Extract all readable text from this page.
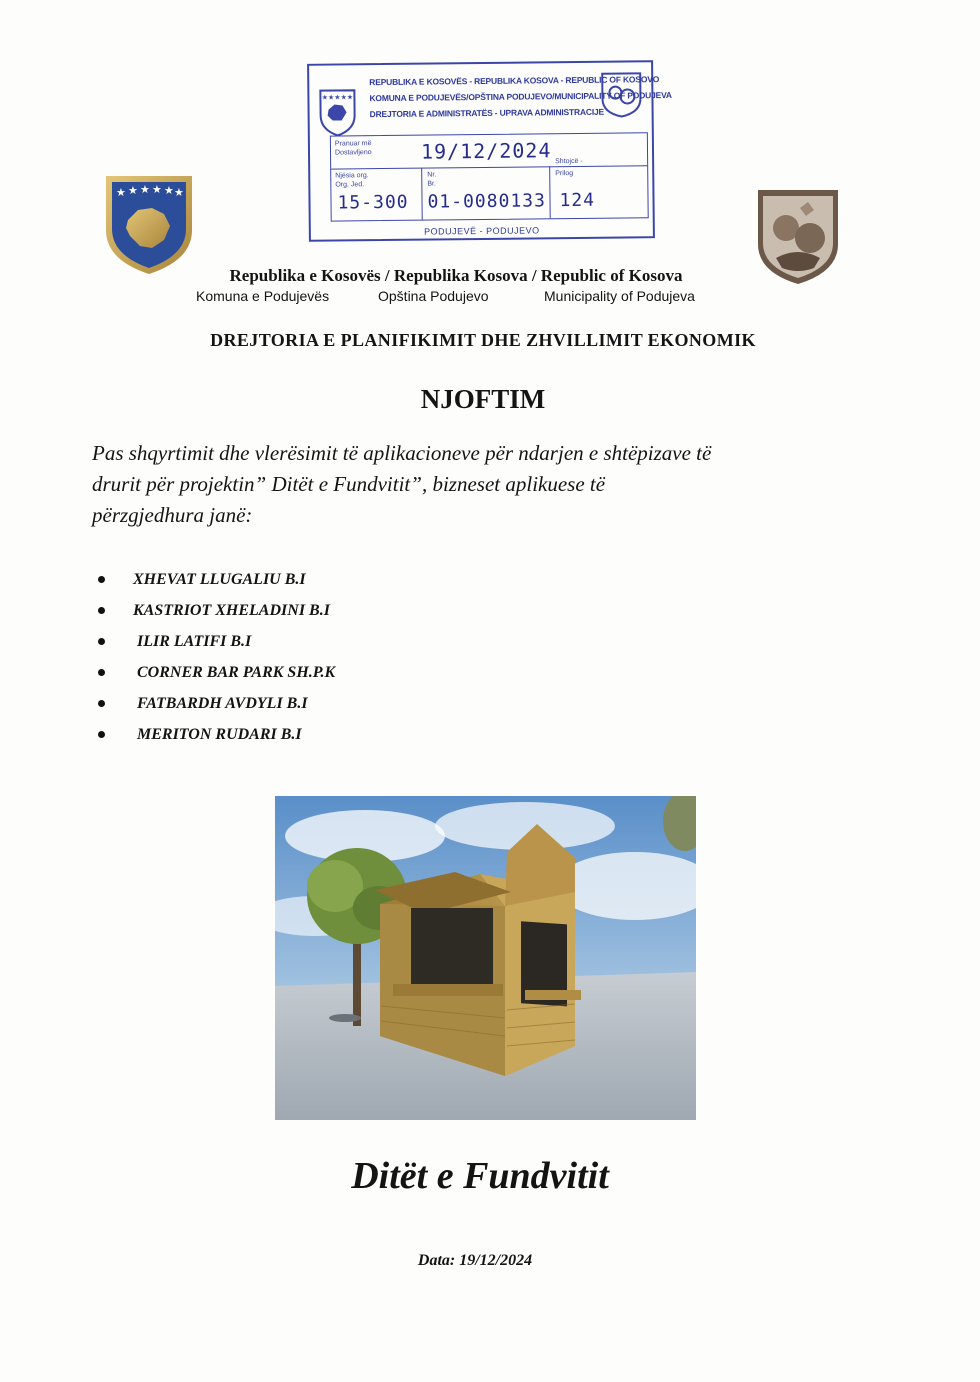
★★★★★
REPUBLIKA E KOSOVËS - REPUBLIKA KOSOVA - REPUBLIC OF KOSOVO
KOMUNA E PODUJEVËS/OPŠTINA PODUJEVO/MUNICIPALITY OF PODUJEVA
DREJTORIA E ADMINISTRATËS - UPRAVA ADMINISTRACIJE
Pranuar më
Dostavljeno 19/12/2024
Njësia org.
Org. Jed.
Nr.
Br.
Shtojcë -
Prilog
15-300 01-0080133 124
PODUJEVË - PODUJEVO
★ ★ ★ ★ ★ ★
Republika e Kosovës / Republika Kosova / Republic of Kosova
Komuna e Podujevës	Opština Podujevo	Municipality of Podujeva
DREJTORIA E PLANIFIKIMIT DHE ZHVILLIMIT EKONOMIK
NJOFTIM
Pas shqyrtimit dhe vlerësimit të aplikacioneve për ndarjen e shtëpizave të
drurit për projektin” Ditët e Fundvitit”, bizneset aplikuese të
përzgjedhura janë:
XHEVAT LLUGALIU B.I
KASTRIOT XHELADINI B.I
ILIR LATIFI B.I
CORNER BAR PARK SH.P.K
FATBARDH AVDYLI B.I
MERITON RUDARI B.I
Ditët e Fundvitit
Data: 19/12/2024
